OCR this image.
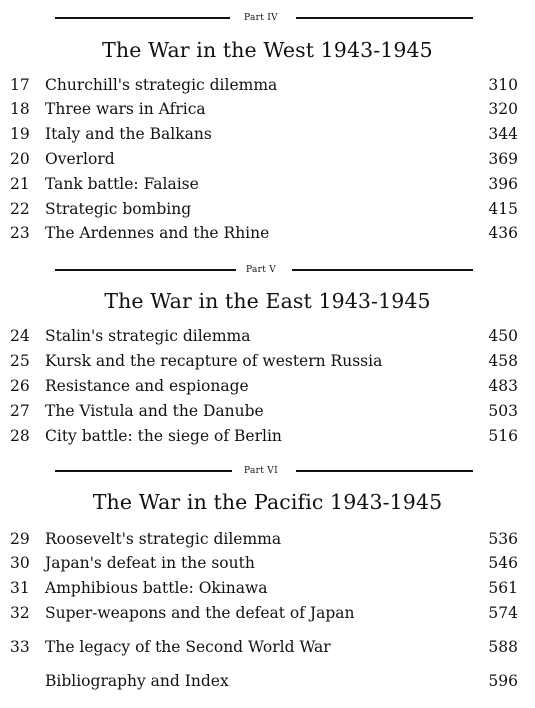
Part IV
The War in the West 1943-1945
17 Churchill's strategic dilemma	310
18 Three wars in Africa	320
19 Italy and the Balkans	344
20 Overlord	369
21 Tank battle: Falaise	396
22 Strategic bombing	415
23 The Ardennes and the Rhine	436
Part V
The War in the East 1943-1945
24 Stalin's strategic dilemma	450
25 Kursk and the recapture of western Russia	458
26 Resistance and espionage	483
27 The Vistula and the Danube	503
28 City battle: the siege of Berlin	516
Part VI
The War in the Pacific 1943-1945
29 Roosevelt's strategic dilemma	536
30 Japan's defeat in the south	546
31 Amphibious battle: Okinawa	561
32 Super-weapons and the defeat of Japan	574
33 The legacy of the Second World War	588
Bibliography and Index	596
